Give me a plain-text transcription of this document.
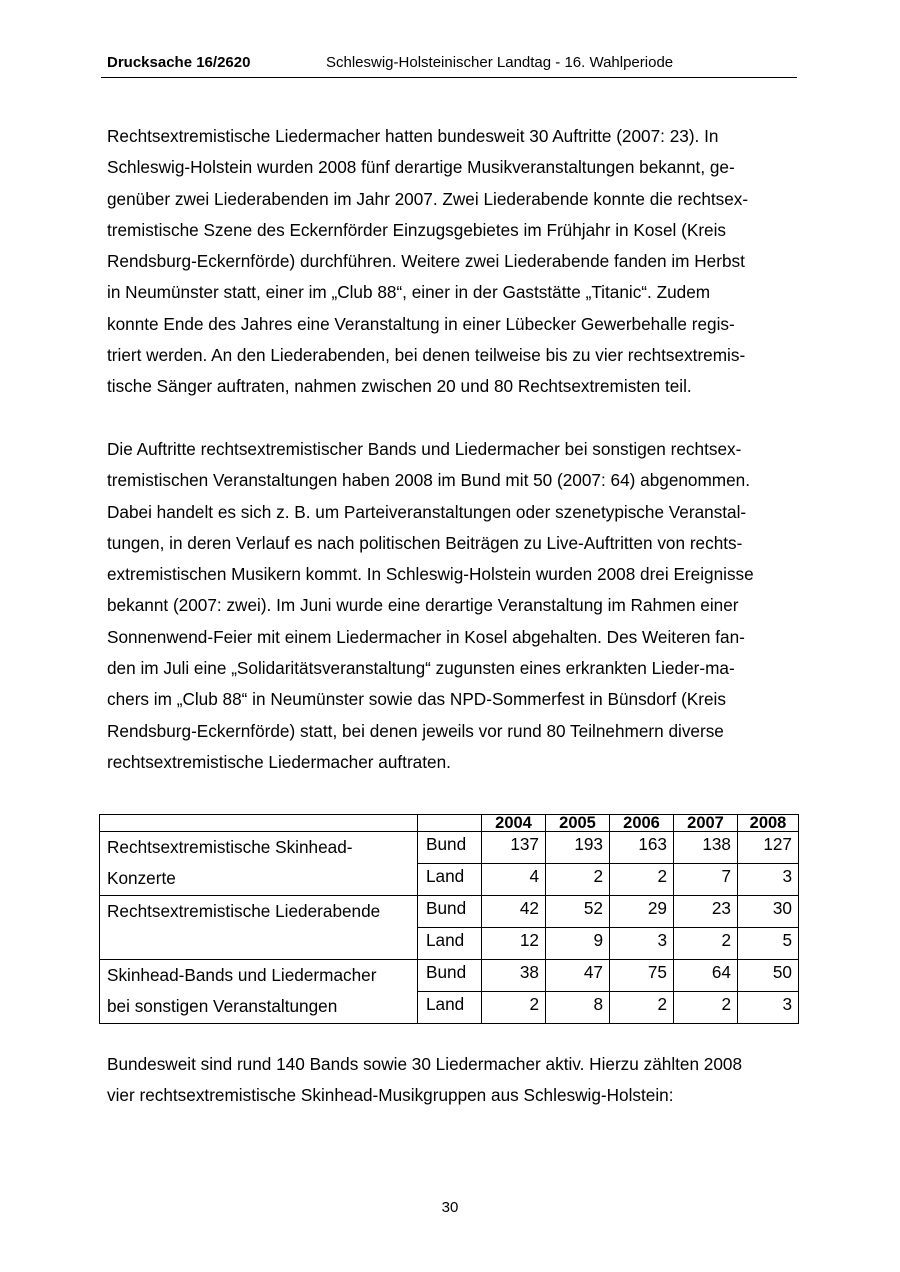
Drucksache 16/2620	Schleswig-Holsteinischer Landtag - 16. Wahlperiode
Rechtsextremistische Liedermacher hatten bundesweit 30 Auftritte (2007: 23). In
Schleswig-Holstein wurden 2008 fünf derartige Musikveranstaltungen bekannt, ge-
genüber zwei Liederabenden im Jahr 2007. Zwei Liederabende konnte die rechtsex-
tremistische Szene des Eckernförder Einzugsgebietes im Frühjahr in Kosel (Kreis
Rendsburg-Eckernförde) durchführen. Weitere zwei Liederabende fanden im Herbst
in Neumünster statt, einer im „Club 88“, einer in der Gaststätte „Titanic“. Zudem
konnte Ende des Jahres eine Veranstaltung in einer Lübecker Gewerbehalle regis-
triert werden. An den Liederabenden, bei denen teilweise bis zu vier rechtsextremis-
tische Sänger auftraten, nahmen zwischen 20 und 80 Rechtsextremisten teil.
Die Auftritte rechtsextremistischer Bands und Liedermacher bei sonstigen rechtsex-
tremistischen Veranstaltungen haben 2008 im Bund mit 50 (2007: 64) abgenommen.
Dabei handelt es sich z. B. um Parteiveranstaltungen oder szenetypische Veranstal-
tungen, in deren Verlauf es nach politischen Beiträgen zu Live-Auftritten von rechts-
extremistischen Musikern kommt. In Schleswig-Holstein wurden 2008 drei Ereignisse
bekannt (2007: zwei). Im Juni wurde eine derartige Veranstaltung im Rahmen einer
Sonnenwend-Feier mit einem Liedermacher in Kosel abgehalten. Des Weiteren fan-
den im Juli eine „Solidaritätsveranstaltung“ zugunsten eines erkrankten Lieder-ma-
chers im „Club 88“ in Neumünster sowie das NPD-Sommerfest in Bünsdorf (Kreis
Rendsburg-Eckernförde) statt, bei denen jeweils vor rund 80 Teilnehmern diverse
rechtsextremistische Liedermacher auftraten.
		2004	2005	2006	2007	2008
Rechtsextremistische Skinhead-
Konzerte	Bund	137	193	163	138	127
	Land	4	2	2	7	3
Rechtsextremistische Liederabende	Bund	42	52	29	23	30
	Land	12	9	3	2	5
Skinhead-Bands und Liedermacher
bei sonstigen Veranstaltungen	Bund	38	47	75	64	50
	Land	2	8	2	2	3
Bundesweit sind rund 140 Bands sowie 30 Liedermacher aktiv. Hierzu zählten 2008
vier rechtsextremistische Skinhead-Musikgruppen aus Schleswig-Holstein:
30
